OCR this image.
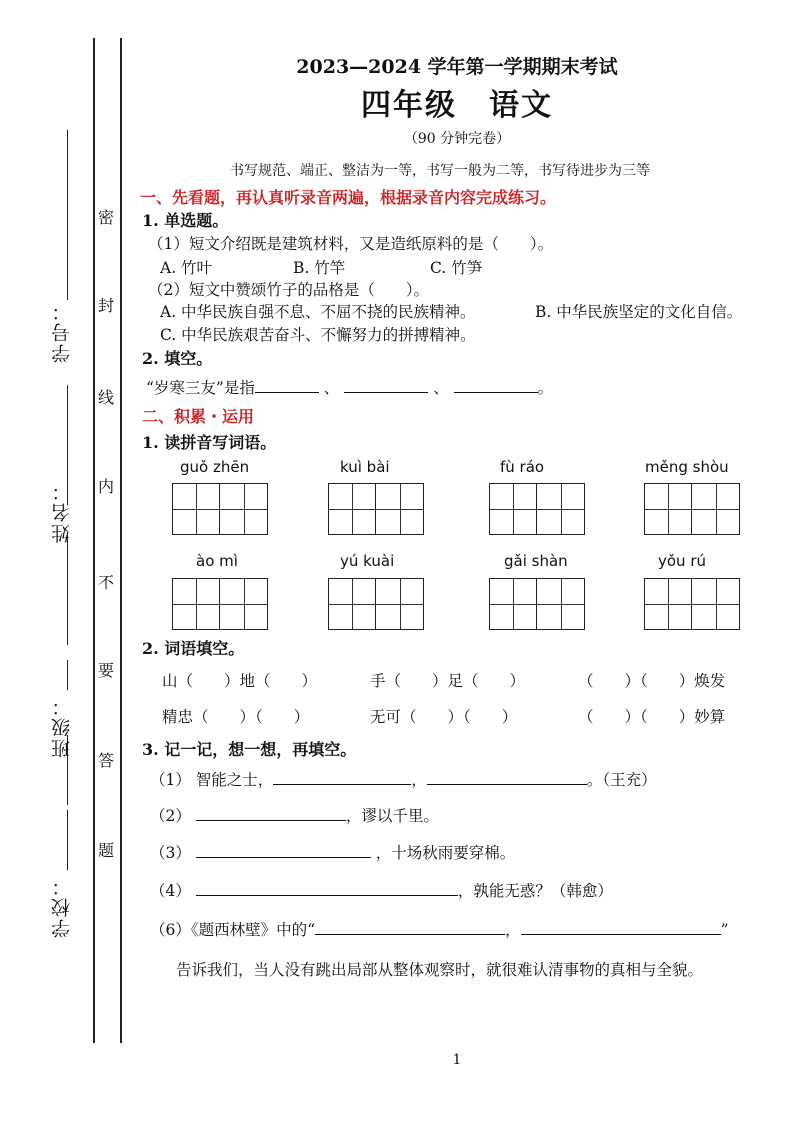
学号：
姓名：
班级：
学校：
密
封
线
内
不
要
答
题
2023—2024 学年第一学期期末考试
四年级　语文
（90 分钟完卷）
书写规范、端正、整洁为一等，书写一般为二等，书写待进步为三等
一、先看题，再认真听录音两遍，根据录音内容完成练习。
1. 单选题。
（1）短文介绍既是建筑材料，又是造纸原料的是（　　）。
A. 竹叶	B. 竹竿	C. 竹笋
（2）短文中赞颂竹子的品格是（　　）。
A. 中华民族自强不息、不屈不挠的民族精神。	B. 中华民族坚定的文化自信。
C. 中华民族艰苦奋斗、不懈努力的拼搏精神。
2. 填空。
“岁寒三友”是指	、	、	。
二、积累・运用
1. 读拼音写词语。
guǒ zhēn	kuì bài	fù ráo	měng shòu
ào mì	yú kuài	gǎi shàn	yǒu rú
2. 词语填空。
山（　　）地（　　）	手（　　）足（　　）	（　　）（　　）焕发
精忠（　　）（　　）	无可（　　）（　　）	（　　）（　　）妙算
3. 记一记，想一想，再填空。
（1） 智能之士，	，	。（王充）
（2）	，谬以千里。
（3）	，十场秋雨要穿棉。
（4）	，孰能无惑？（韩愈）
（6）《题西林壁》中的“	，	”
告诉我们，当人没有跳出局部从整体观察时，就很难认清事物的真相与全貌。
1
